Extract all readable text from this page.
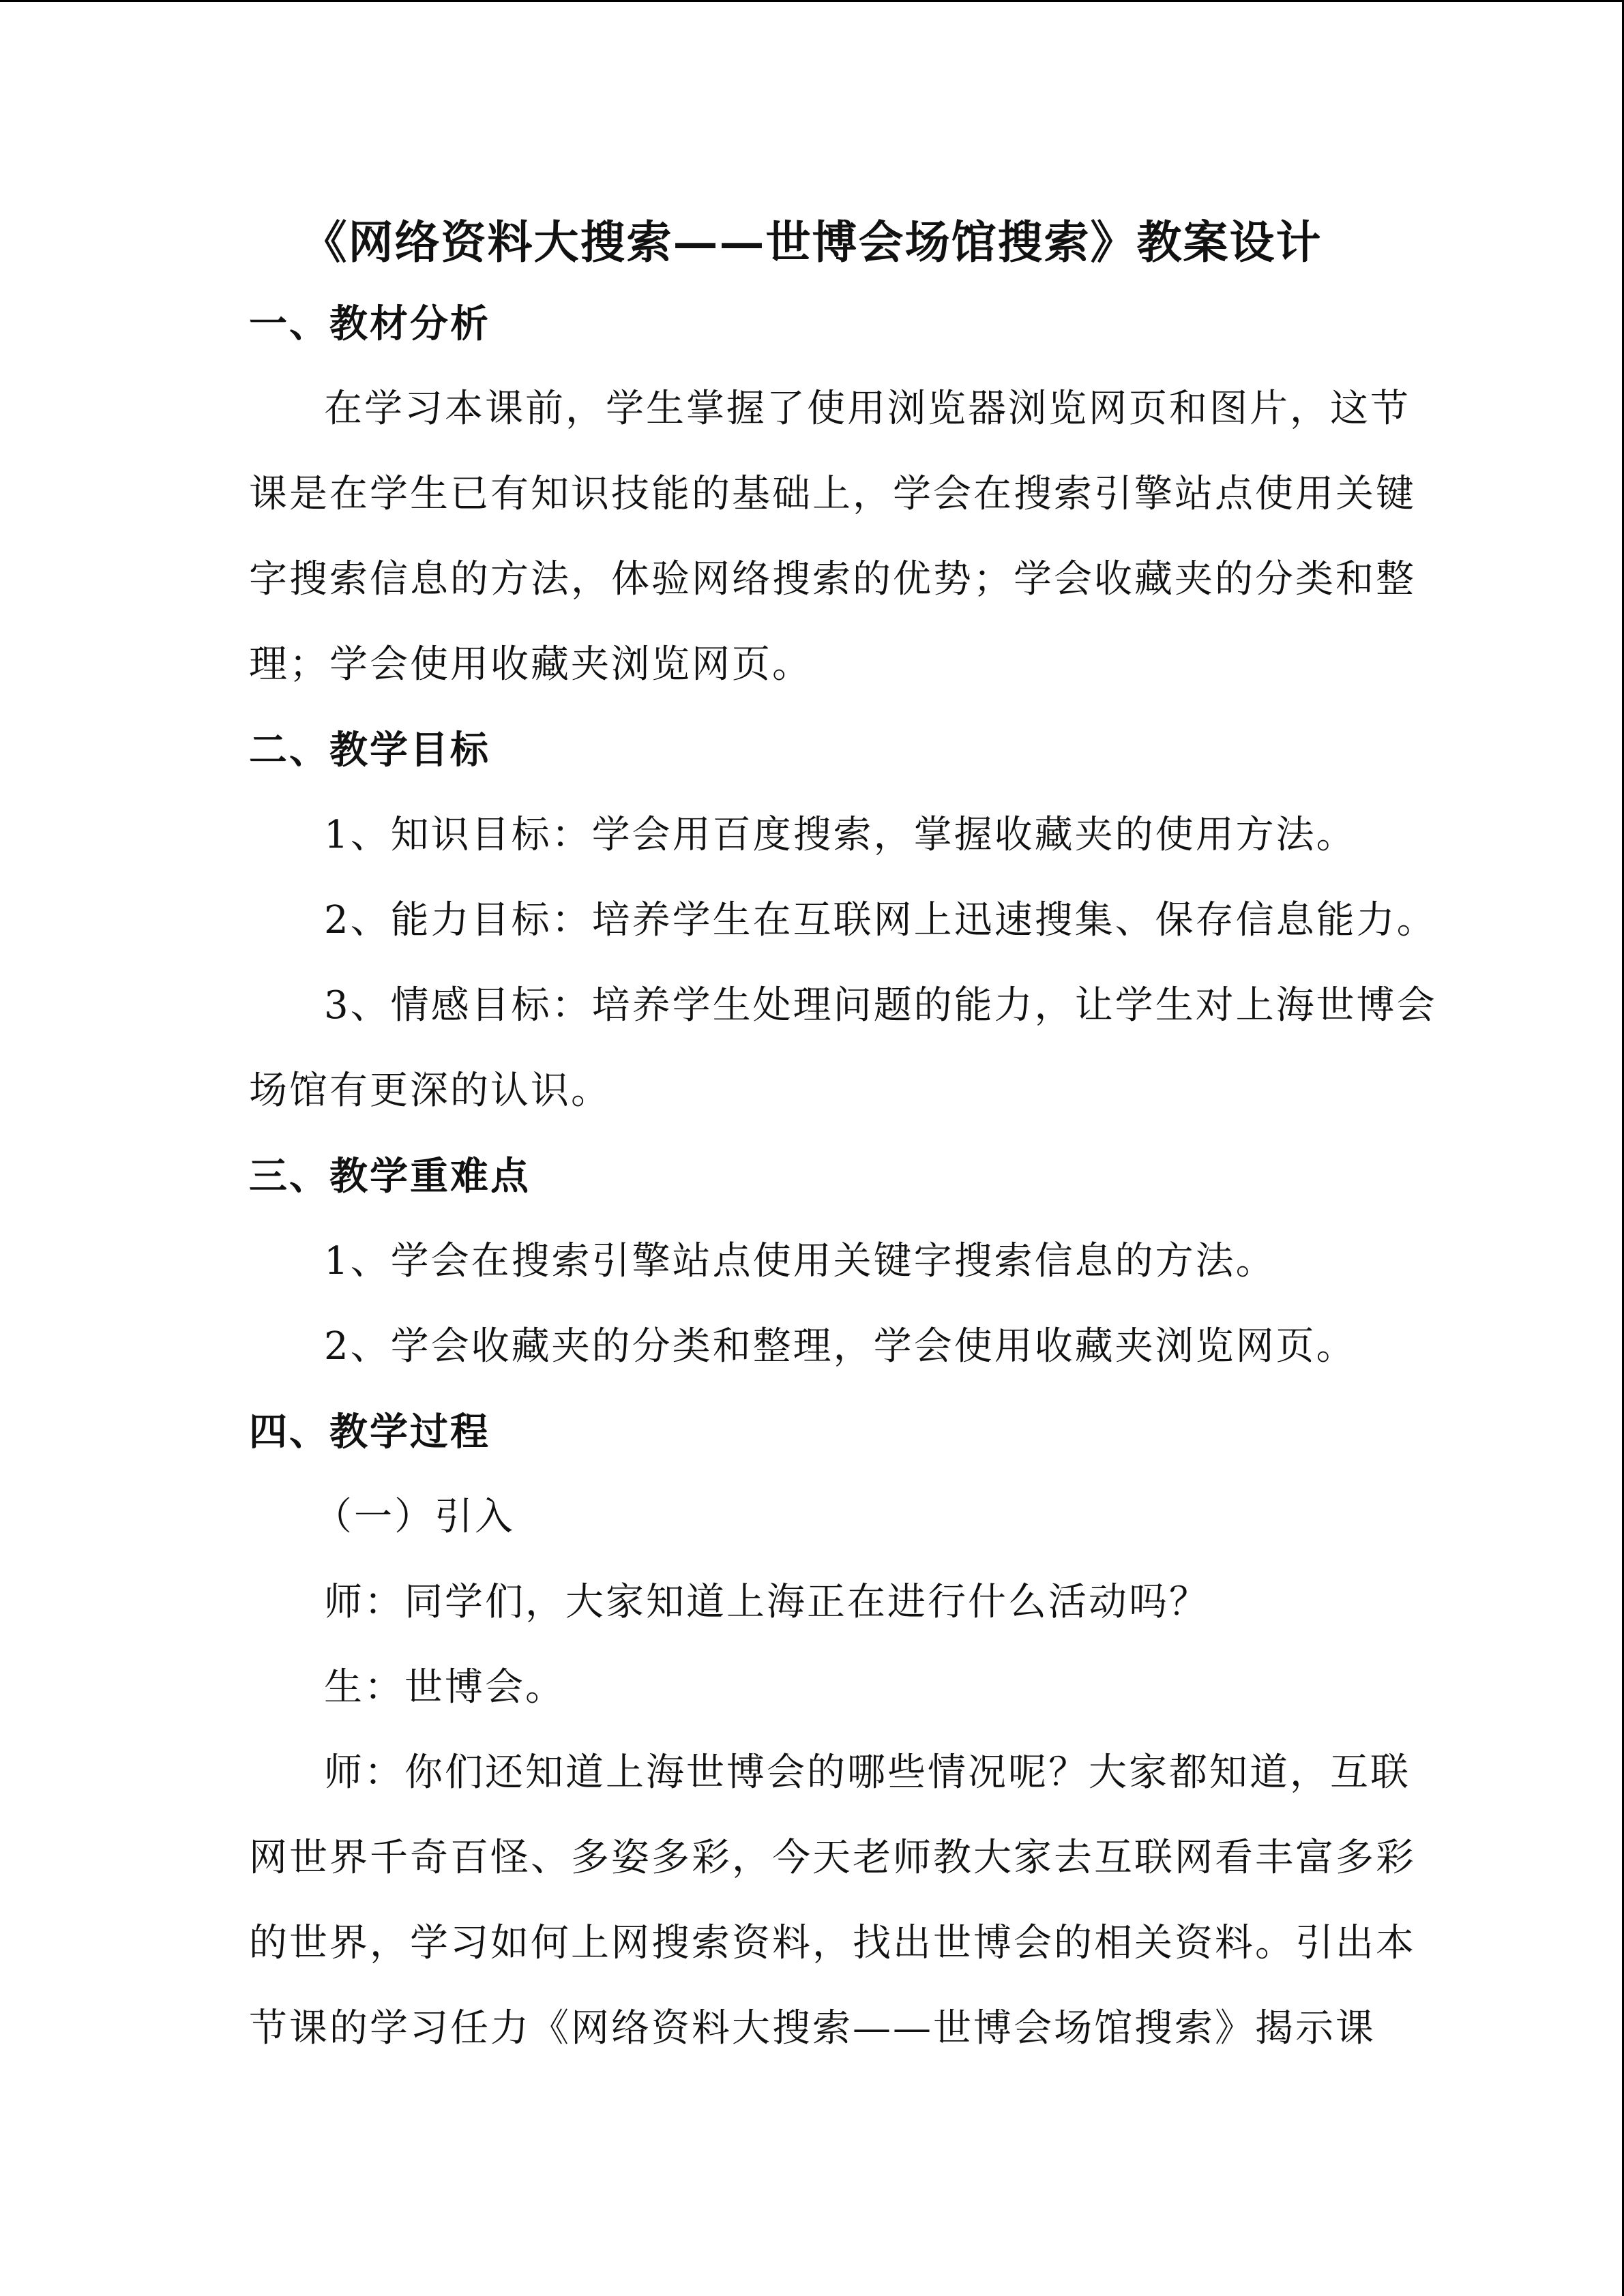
《网络资料大搜索——世博会场馆搜索》教案设计
一、教材分析
在学习本课前，学生掌握了使用浏览器浏览网页和图片，这节
课是在学生已有知识技能的基础上，学会在搜索引擎站点使用关键
字搜索信息的方法，体验网络搜索的优势；学会收藏夹的分类和整
理；学会使用收藏夹浏览网页。
二、教学目标
1、知识目标：学会用百度搜索，掌握收藏夹的使用方法。
2、能力目标：培养学生在互联网上迅速搜集、保存信息能力。
3、情感目标：培养学生处理问题的能力，让学生对上海世博会
场馆有更深的认识。
三、教学重难点
1、学会在搜索引擎站点使用关键字搜索信息的方法。
2、学会收藏夹的分类和整理，学会使用收藏夹浏览网页。
四、教学过程
（一）引入
师：同学们，大家知道上海正在进行什么活动吗？
生：世博会。
师：你们还知道上海世博会的哪些情况呢？大家都知道，互联
网世界千奇百怪、多姿多彩，今天老师教大家去互联网看丰富多彩
的世界，学习如何上网搜索资料，找出世博会的相关资料。引出本
节课的学习任力《网络资料大搜索——世博会场馆搜索》揭示课
